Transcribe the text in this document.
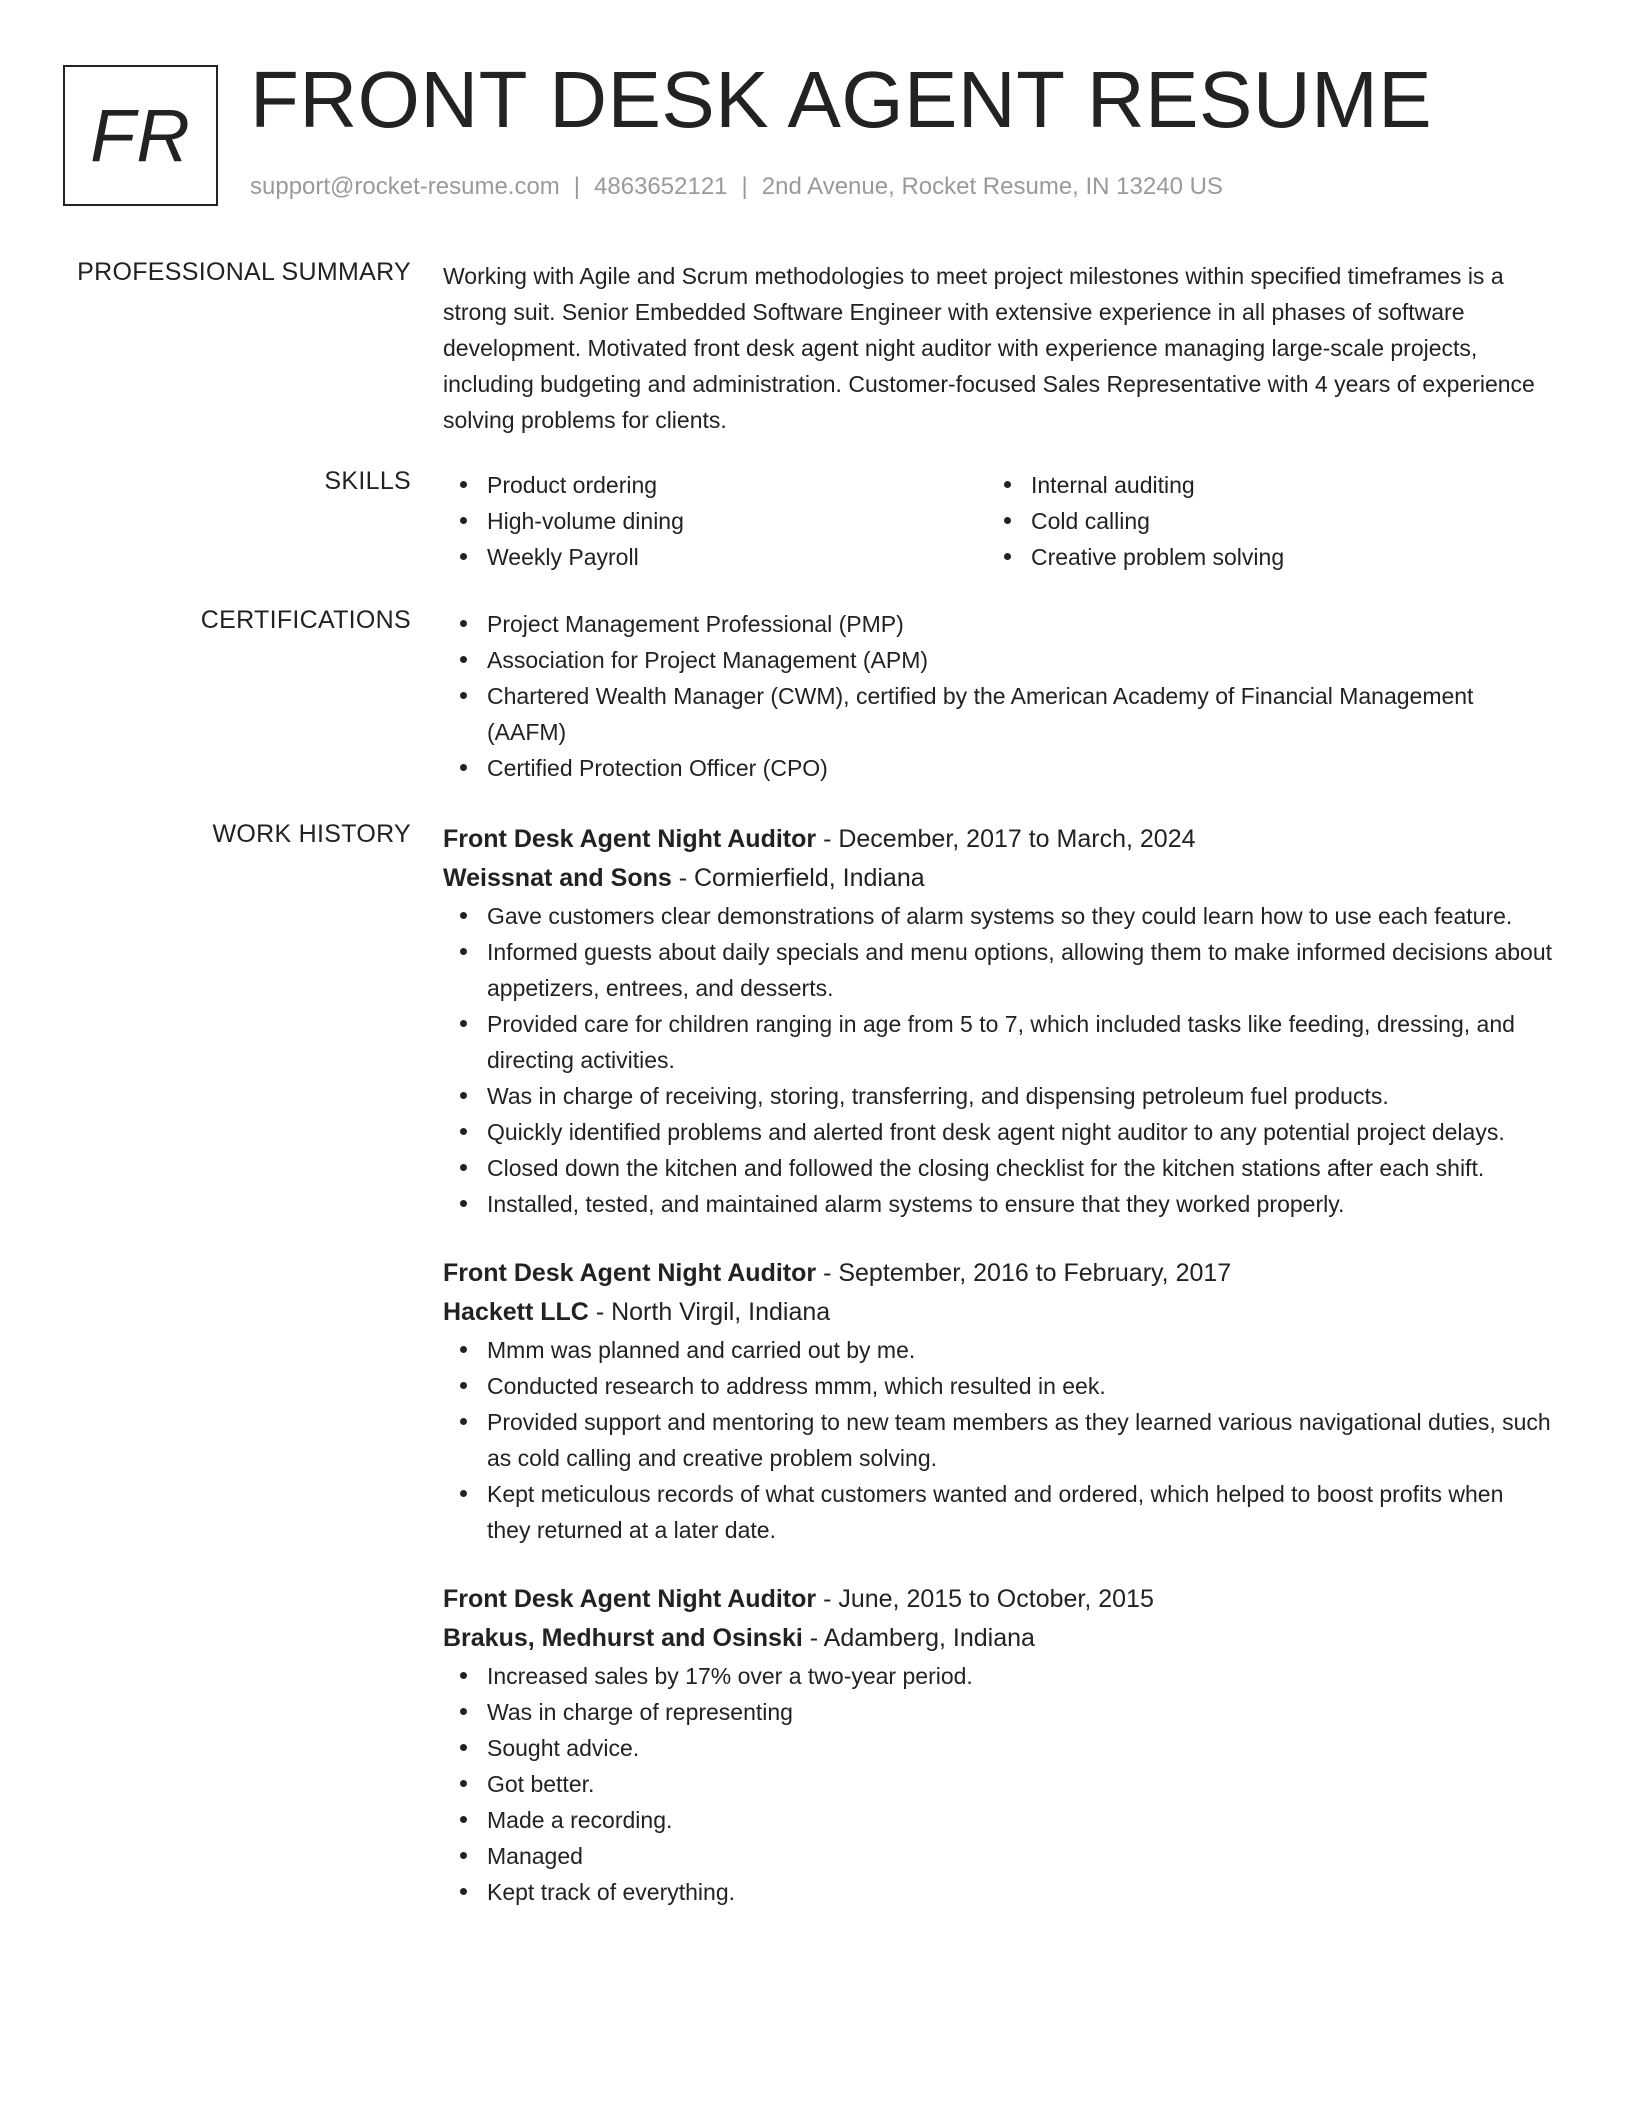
FR FRONT DESK AGENT RESUME
support@rocket-resume.com | 4863652121 | 2nd Avenue, Rocket Resume, IN 13240 US
PROFESSIONAL SUMMARY Working with Agile and Scrum methodologies to meet project milestones within specified timeframes is a strong suit. Senior Embedded Software Engineer with extensive experience in all phases of software development. Motivated front desk agent night auditor with experience managing large-scale projects, including budgeting and administration. Customer-focused Sales Representative with 4 years of experience solving problems for clients.

SKILLS	Product ordering
High-volume dining
Weekly Payroll
Internal auditing
Cold calling
Creative problem solving
CERTIFICATIONS	Project Management Professional (PMP)
Association for Project Management (APM)
Chartered Wealth Manager (CWM), certified by the American Academy of Financial Management (AAFM)
Certified Protection Officer (CPO)
WORK HISTORY Front Desk Agent Night Auditor - December, 2017 to March, 2024
Weissnat and Sons - Cormierfield, Indiana
Gave customers clear demonstrations of alarm systems so they could learn how to use each feature.
Informed guests about daily specials and menu options, allowing them to make informed decisions about appetizers, entrees, and desserts.
Provided care for children ranging in age from 5 to 7, which included tasks like feeding, dressing, and directing activities.
Was in charge of receiving, storing, transferring, and dispensing petroleum fuel products.
Quickly identified problems and alerted front desk agent night auditor to any potential project delays.
Closed down the kitchen and followed the closing checklist for the kitchen stations after each shift.
Installed, tested, and maintained alarm systems to ensure that they worked properly.
Front Desk Agent Night Auditor - September, 2016 to February, 2017
Hackett LLC - North Virgil, Indiana
Mmm was planned and carried out by me.
Conducted research to address mmm, which resulted in eek.
Provided support and mentoring to new team members as they learned various navigational duties, such as cold calling and creative problem solving.
Kept meticulous records of what customers wanted and ordered, which helped to boost profits when they returned at a later date.
Front Desk Agent Night Auditor - June, 2015 to October, 2015
Brakus, Medhurst and Osinski - Adamberg, Indiana
Increased sales by 17% over a two-year period.
Was in charge of representing
Sought advice.
Got better.
Made a recording.
Managed
Kept track of everything.
